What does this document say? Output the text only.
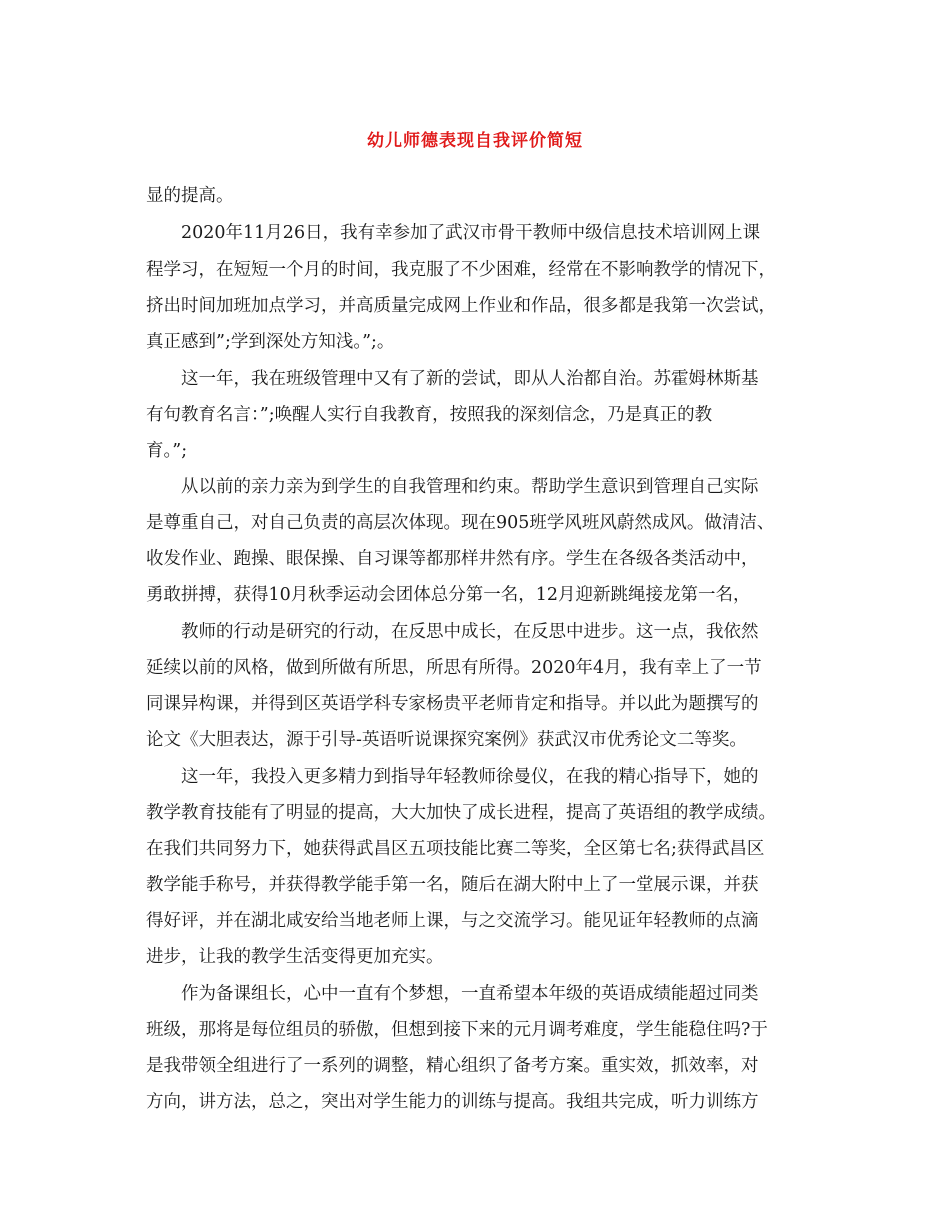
幼儿师德表现自我评价简短
显的提高。
2020年11月26日，我有幸参加了武汉市骨干教师中级信息技术培训网上课
程学习，在短短一个月的时间，我克服了不少困难，经常在不影响教学的情况下，
挤出时间加班加点学习，并高质量完成网上作业和作品，很多都是我第一次尝试，
真正感到”;学到深处方知浅。”;。
这一年，我在班级管理中又有了新的尝试，即从人治都自治。苏霍姆林斯基
有句教育名言：”;唤醒人实行自我教育，按照我的深刻信念，乃是真正的教
育。”;
从以前的亲力亲为到学生的自我管理和约束。帮助学生意识到管理自己实际
是尊重自己，对自己负责的高层次体现。现在905班学风班风蔚然成风。做清洁、
收发作业、跑操、眼保操、自习课等都那样井然有序。学生在各级各类活动中，
勇敢拼搏，获得10月秋季运动会团体总分第一名，12月迎新跳绳接龙第一名，
教师的行动是研究的行动，在反思中成长，在反思中进步。这一点，我依然
延续以前的风格，做到所做有所思，所思有所得。2020年4月，我有幸上了一节
同课异构课，并得到区英语学科专家杨贵平老师肯定和指导。并以此为题撰写的
论文《大胆表达，源于引导-英语听说课探究案例》获武汉市优秀论文二等奖。
这一年，我投入更多精力到指导年轻教师徐曼仪，在我的精心指导下，她的
教学教育技能有了明显的提高，大大加快了成长进程，提高了英语组的教学成绩。
在我们共同努力下，她获得武昌区五项技能比赛二等奖，全区第七名;获得武昌区
教学能手称号，并获得教学能手第一名，随后在湖大附中上了一堂展示课，并获
得好评，并在湖北咸安给当地老师上课，与之交流学习。能见证年轻教师的点滴
进步，让我的教学生活变得更加充实。
作为备课组长，心中一直有个梦想，一直希望本年级的英语成绩能超过同类
班级，那将是每位组员的骄傲，但想到接下来的元月调考难度，学生能稳住吗?于
是我带领全组进行了一系列的调整，精心组织了备考方案。重实效，抓效率，对
方向，讲方法，总之，突出对学生能力的训练与提高。我组共完成，听力训练方
